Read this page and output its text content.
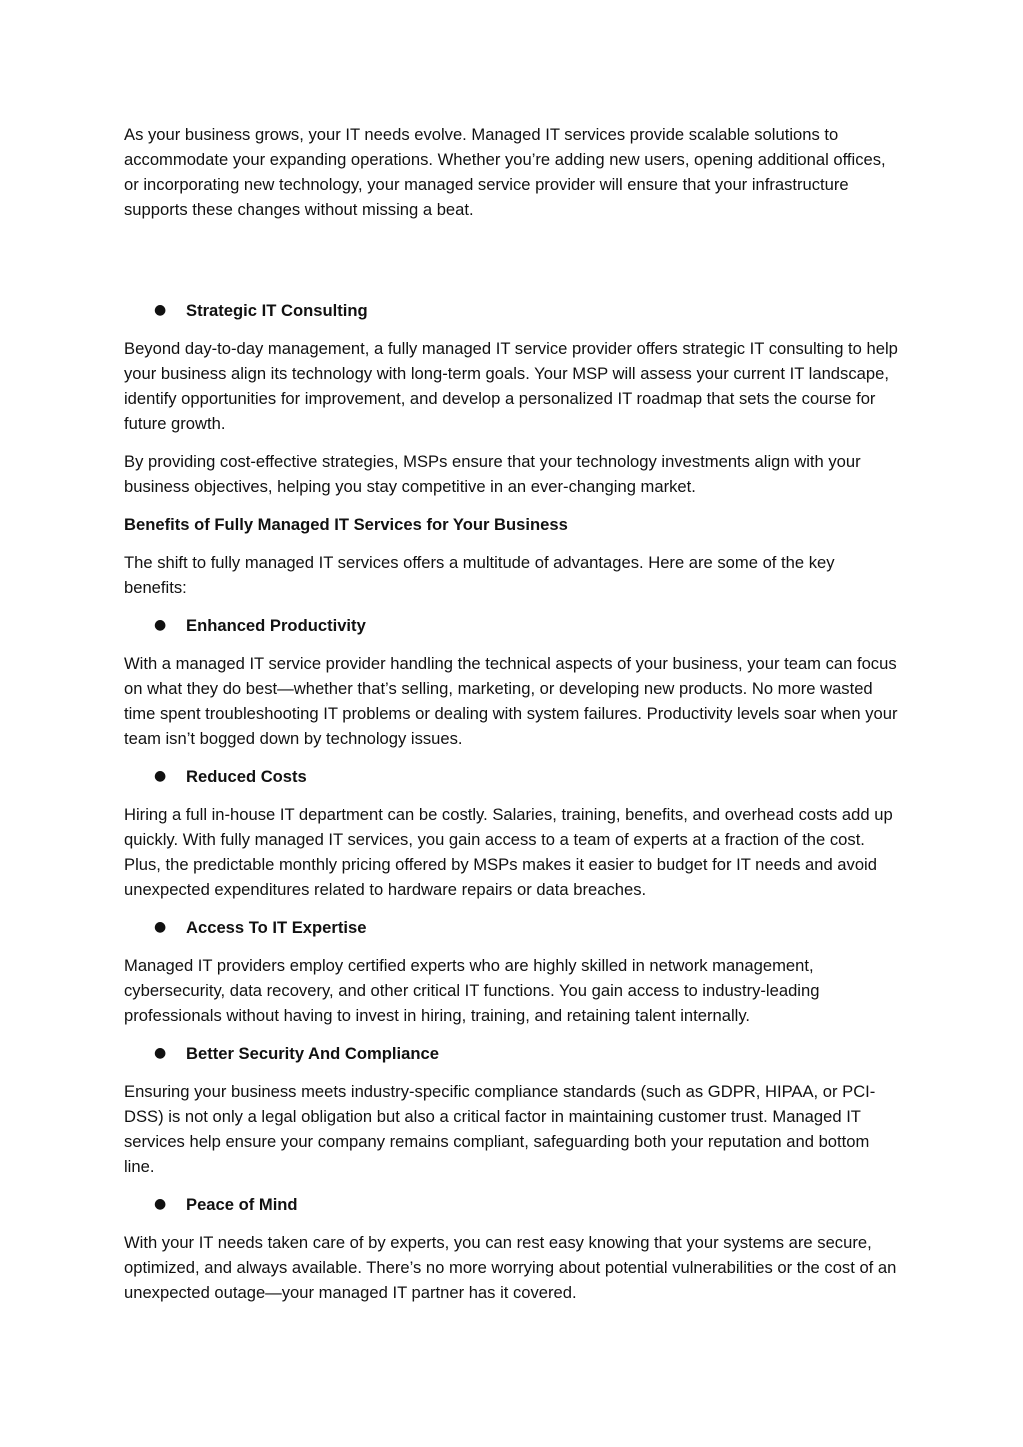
As your business grows, your IT needs evolve. Managed IT services provide scalable solutions to accommodate your expanding operations. Whether you’re adding new users, opening additional offices, or incorporating new technology, your managed service provider will ensure that your infrastructure supports these changes without missing a beat.

● Strategic IT Consulting

Beyond day-to-day management, a fully managed IT service provider offers strategic IT consulting to help your business align its technology with long-term goals. Your MSP will assess your current IT landscape, identify opportunities for improvement, and develop a personalized IT roadmap that sets the course for future growth.

By providing cost-effective strategies, MSPs ensure that your technology investments align with your business objectives, helping you stay competitive in an ever-changing market.

Benefits of Fully Managed IT Services for Your Business

The shift to fully managed IT services offers a multitude of advantages. Here are some of the key benefits:

● Enhanced Productivity

With a managed IT service provider handling the technical aspects of your business, your team can focus on what they do best—whether that’s selling, marketing, or developing new products. No more wasted time spent troubleshooting IT problems or dealing with system failures. Productivity levels soar when your team isn’t bogged down by technology issues.

● Reduced Costs

Hiring a full in-house IT department can be costly. Salaries, training, benefits, and overhead costs add up quickly. With fully managed IT services, you gain access to a team of experts at a fraction of the cost. Plus, the predictable monthly pricing offered by MSPs makes it easier to budget for IT needs and avoid unexpected expenditures related to hardware repairs or data breaches.

● Access To IT Expertise

Managed IT providers employ certified experts who are highly skilled in network management, cybersecurity, data recovery, and other critical IT functions. You gain access to industry-leading professionals without having to invest in hiring, training, and retaining talent internally.

● Better Security And Compliance

Ensuring your business meets industry-specific compliance standards (such as GDPR, HIPAA, or PCI-DSS) is not only a legal obligation but also a critical factor in maintaining customer trust. Managed IT services help ensure your company remains compliant, safeguarding both your reputation and bottom line.

● Peace of Mind

With your IT needs taken care of by experts, you can rest easy knowing that your systems are secure, optimized, and always available. There’s no more worrying about potential vulnerabilities or the cost of an unexpected outage—your managed IT partner has it covered.
